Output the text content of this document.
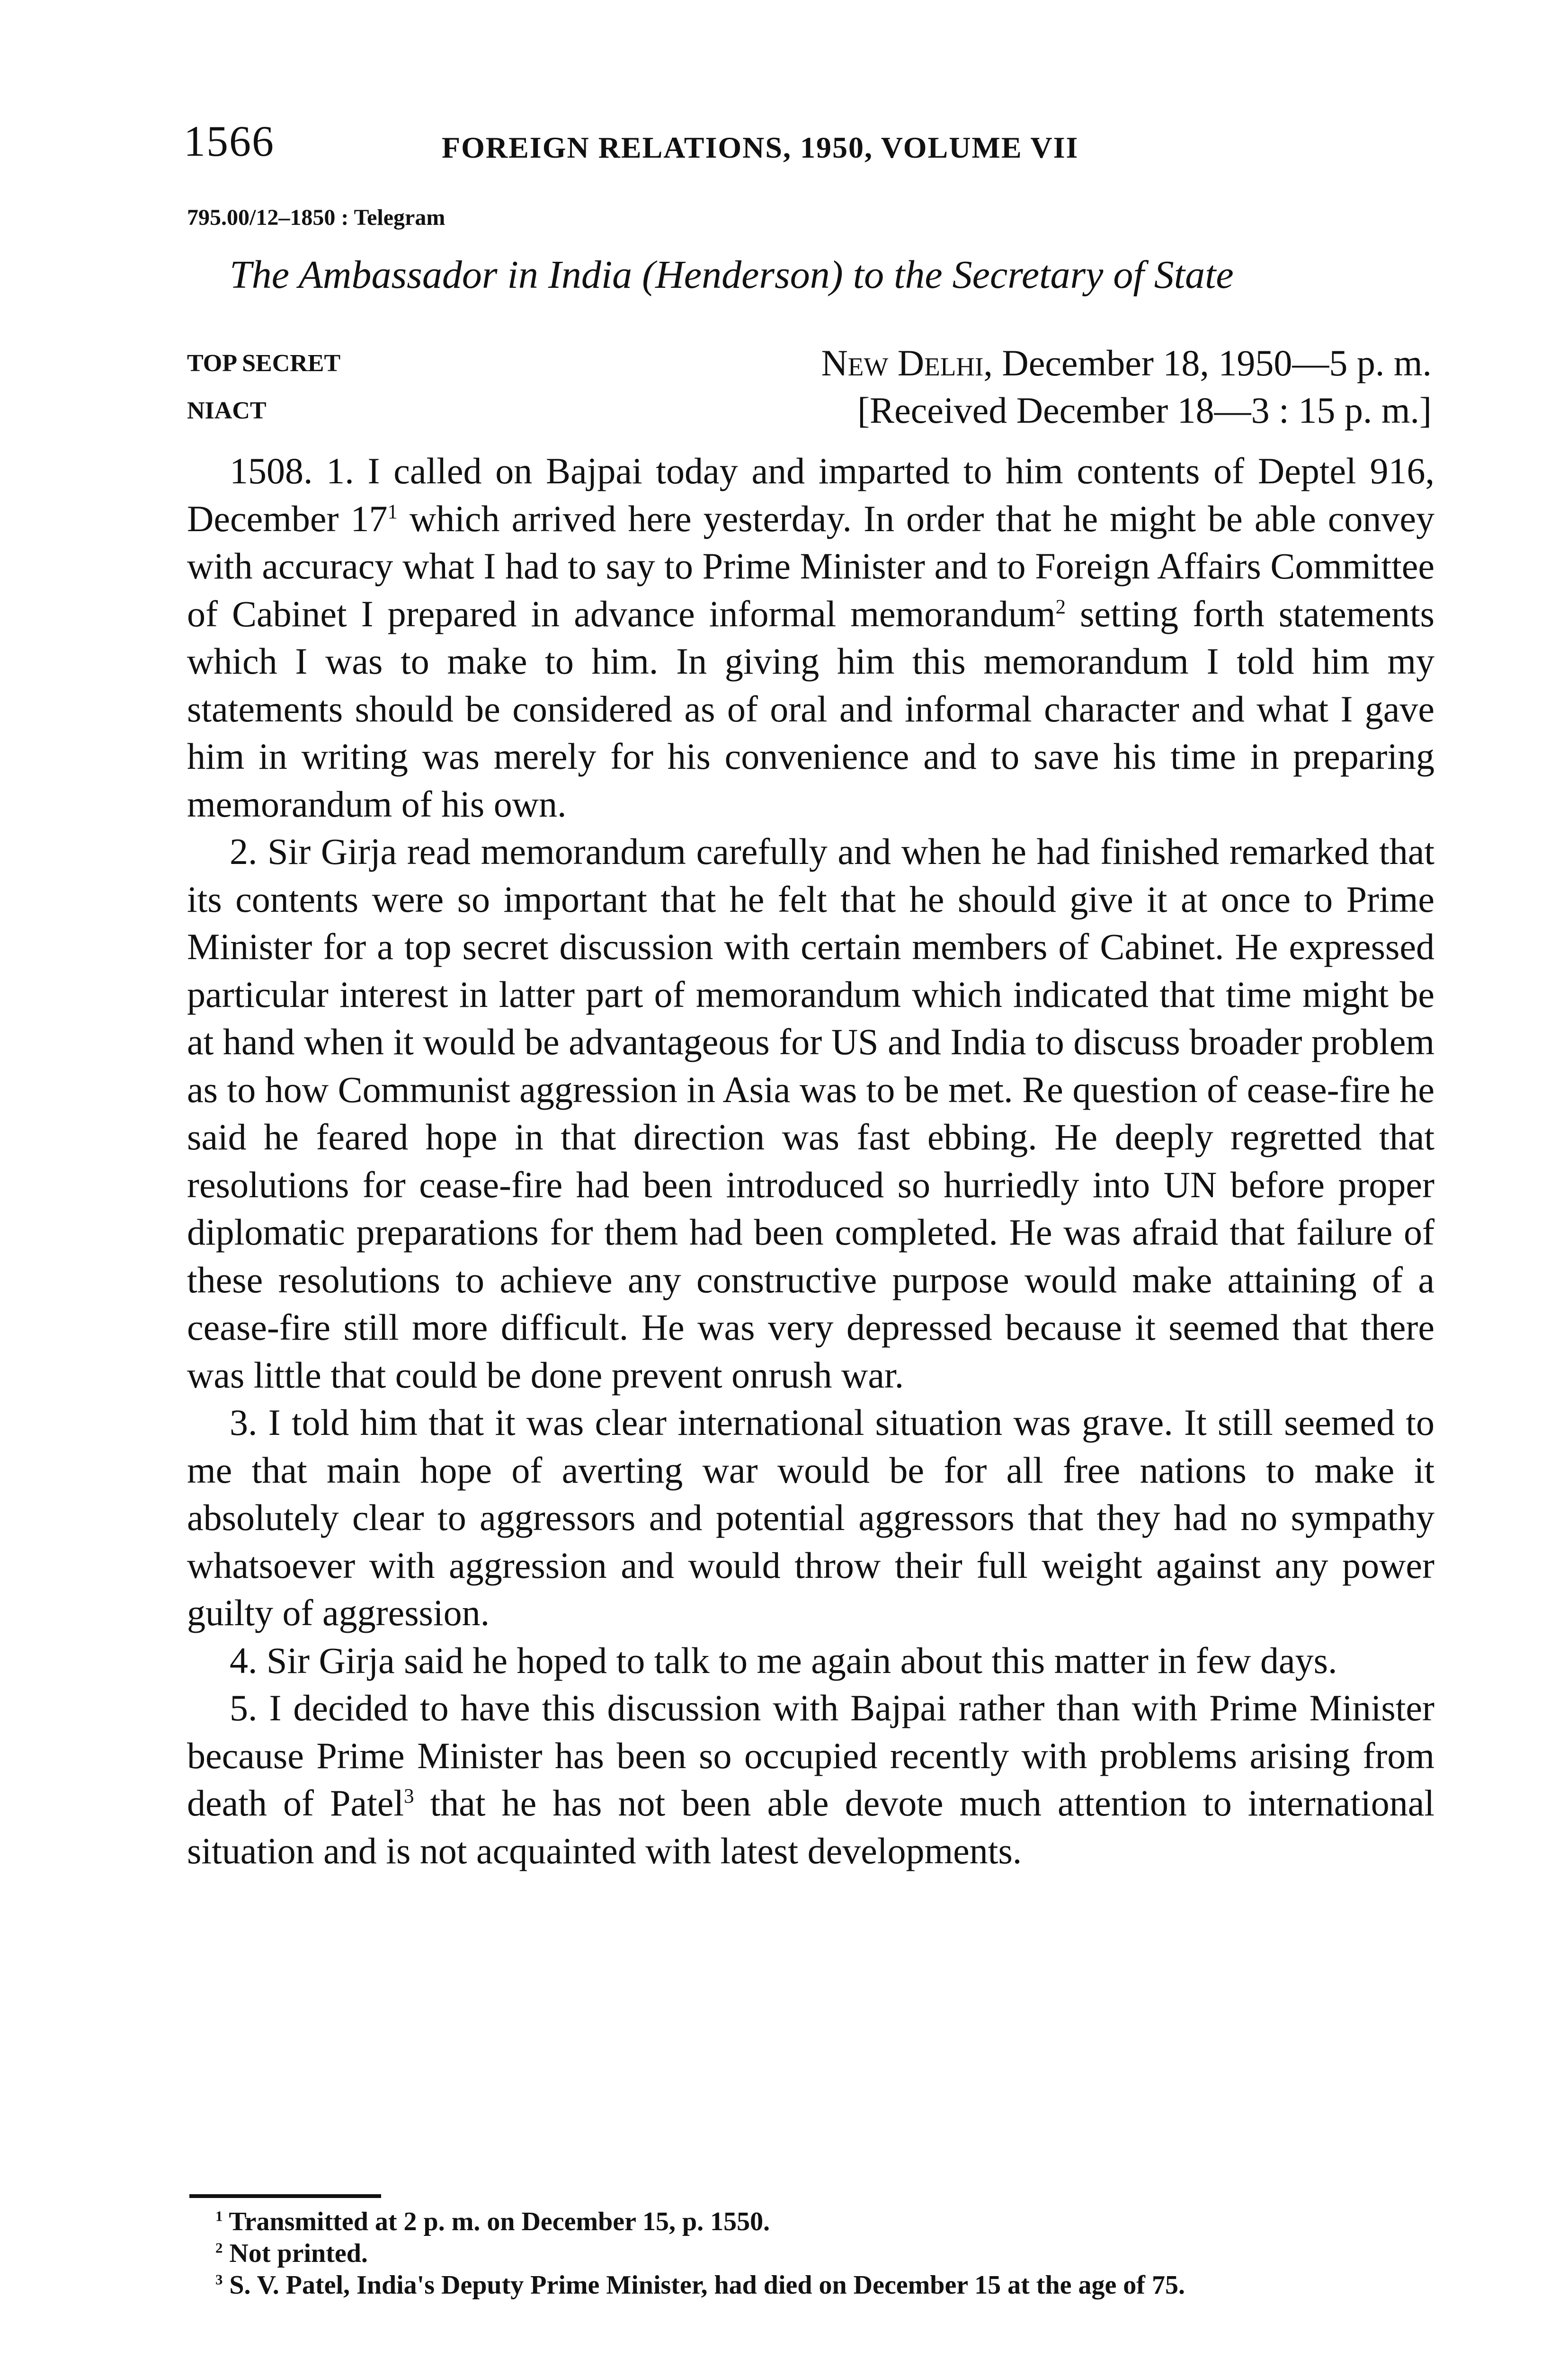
1566	FOREIGN RELATIONS, 1950, VOLUME VII
795.00/12–1850 : Telegram
The Ambassador in India (Henderson) to the Secretary of State
TOP SECRET	New Delhi, December 18, 1950—5 p. m.
NIACT	[Received December 18—3 : 15 p. m.]

1508. 1. I called on Bajpai today and imparted to him contents of Deptel 916, December $17^1$ which arrived here yesterday. In order that he might be able convey with accuracy what I had to say to Prime Minister and to Foreign Affairs Committee of Cabinet I prepared in advance informal memorandum$^2$ setting forth statements which I was to make to him. In giving him this memorandum I told him my statements should be considered as of oral and informal character and what I gave him in writing was merely for his convenience and to save his time in preparing memorandum of his own.

2. Sir Girja read memorandum carefully and when he had finished remarked that its contents were so important that he felt that he should give it at once to Prime Minister for a top secret discussion with certain members of Cabinet. He expressed particular interest in latter part of memorandum which indicated that time might be at hand when it would be advantageous for US and India to discuss broader problem as to how Communist aggression in Asia was to be met. Re question of cease-fire he said he feared hope in that direction was fast ebbing. He deeply regretted that resolutions for cease-fire had been introduced so hurriedly into UN before proper diplomatic preparations for them had been completed. He was afraid that failure of these resolutions to achieve any constructive purpose would make attaining of a cease-fire still more difficult. He was very depressed because it seemed that there was little that could be done prevent onrush war.

3. I told him that it was clear international situation was grave. It still seemed to me that main hope of averting war would be for all free nations to make it absolutely clear to aggressors and potential aggressors that they had no sympathy whatsoever with aggression and would throw their full weight against any power guilty of aggression.

4. Sir Girja said he hoped to talk to me again about this matter in few days.

5. I decided to have this discussion with Bajpai rather than with Prime Minister because Prime Minister has been so occupied recently with problems arising from death of Patel$^3$ that he has not been able devote much attention to international situation and is not acquainted with latest developments.

$^1$ Transmitted at 2 p. m. on December 15, p. 1550.

$^2$ Not printed.

$^3$ S. V. Patel, India's Deputy Prime Minister, had died on December 15 at the age of 75.
